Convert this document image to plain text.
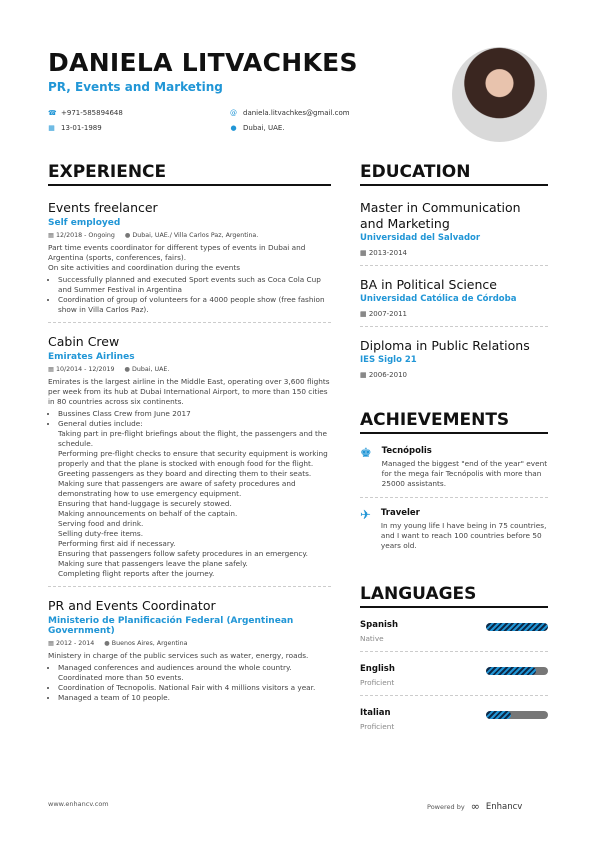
DANIELA LITVACHKES
PR, Events and Marketing
☎ +971-585894648	@ daniela.litvachkes@gmail.com
▦ 13-01-1989	● Dubai, UAE.
EXPERIENCE
Events freelancer
Self employed
▦ 12/2018 - Ongoing ● Dubai, UAE./ Villa Carlos Paz, Argentina.
Part time events coordinator for different types of events in Dubai and Argentina (sports, conferences, fairs).
On site activities and coordination during the events
• Successfully planned and executed Sport events such as Coca Cola Cup and Summer Festival in Argentina
• Coordination of group of volunteers for a 4000 people show (free fashion show in Villa Carlos Paz).
Cabin Crew
Emirates Airlines
▦ 10/2014 - 12/2019 ● Dubai, UAE.
Emirates is the largest airline in the Middle East, operating over 3,600 flights per week from its hub at Dubai International Airport, to more than 150 cities in 80 countries across six continents.
• Bussines Class Crew from June 2017
• General duties include:
Taking part in pre-flight briefings about the flight, the passengers and the schedule.
Performing pre-flight checks to ensure that security equipment is working properly and that the plane is stocked with enough food for the flight.
Greeting passengers as they board and directing them to their seats.
Making sure that passengers are aware of safety procedures and demonstrating how to use emergency equipment.
Ensuring that hand-luggage is securely stowed.
Making announcements on behalf of the captain.
Serving food and drink.
Selling duty-free items.
Performing first aid if necessary.
Ensuring that passengers follow safety procedures in an emergency.
Making sure that passengers leave the plane safely.
Completing flight reports after the journey.
PR and Events Coordinator
Ministerio de Planificación Federal (Argentinean Government)
▦ 2012 - 2014 ● Buenos Aires, Argentina
Ministery in charge of the public services such as water, energy, roads.
• Managed conferences and audiences around the whole country. Coordinated more than 50 events.
• Coordination of Tecnopolis. National Fair with 4 millions visitors a year.
• Managed a team of 10 people.
EDUCATION
Master in Communication and Marketing
Universidad del Salvador
▦ 2013-2014
BA in Political Science
Universidad Católica de Córdoba
▦ 2007-2011
Diploma in Public Relations
IES Siglo 21
▦ 2006-2010
ACHIEVEMENTS
♚ Tecnópolis
Managed the biggest "end of the year" event for the mega fair Tecnópolis with more than 25000 assistants.
✈ Traveler
In my young life I have being in 75 countries, and I want to reach 100 countries before 50 years old.
LANGUAGES
Spanish
Native
English
Proficient
Italian
Proficient
www.enhancv.com	Powered by ∞ Enhancv
